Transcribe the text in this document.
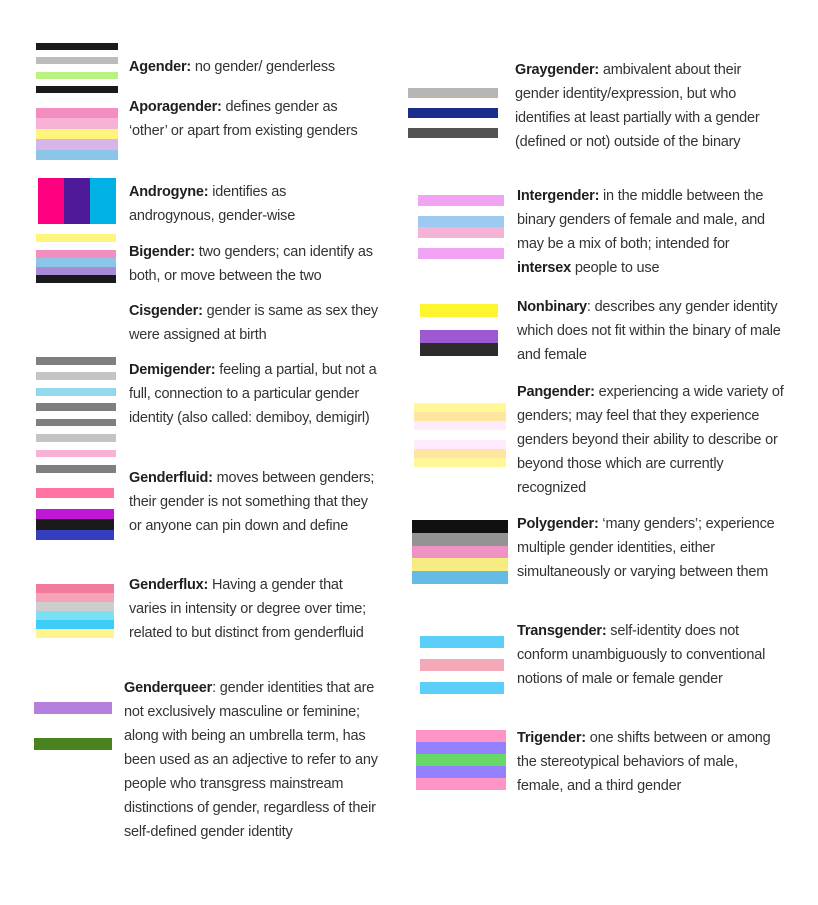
Agender: no gender/ genderless
Aporagender: defines gender as ‘other’ or apart from existing genders
Androgyne: identifies as androgynous, gender-wise
Bigender: two genders; can identify as both, or move between the two
Cisgender: gender is same as sex they were assigned at birth
Demigender: feeling a partial, but not a full, connection to a particular gender identity (also called: demiboy, demigirl)
Genderfluid: moves between genders; their gender is not something that they or anyone can pin down and define
Genderflux: Having a gender that varies in intensity or degree over time; related to but distinct from genderfluid
Genderqueer: gender identities that are not exclusively masculine or feminine; along with being an umbrella term, has been used as an adjective to refer to any people who transgress mainstream distinctions of gender, regardless of their self-defined gender identity
Graygender: ambivalent about their gender identity/expression, but who identifies at least partially with a gender (defined or not) outside of the binary
Intergender: in the middle between the binary genders of female and male, and may be a mix of both; intended for intersex people to use
Nonbinary: describes any gender identity which does not fit within the binary of male and female
Pangender: experiencing a wide variety of genders; may feel that they experience genders beyond their ability to describe or beyond those which are currently recognized
Polygender: ‘many genders’; experience multiple gender identities, either simultaneously or varying between them
Transgender: self-identity does not conform unambiguously to conventional notions of male or female gender
Trigender: one shifts between or among the stereotypical behaviors of male, female, and a third gender
